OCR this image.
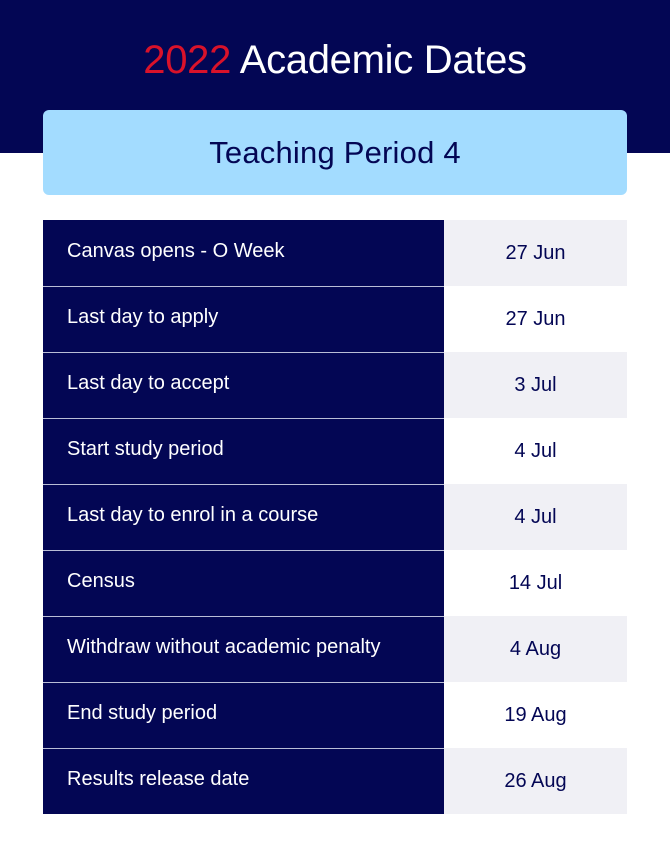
2022 Academic Dates
Teaching Period 4
Canvas opens - O Week	27 Jun
Last day to apply	27 Jun
Last day to accept	3 Jul
Start study period	4 Jul
Last day to enrol in a course	4 Jul
Census	14 Jul
Withdraw without academic penalty	4 Aug
End study period	19 Aug
Results release date	26 Aug
